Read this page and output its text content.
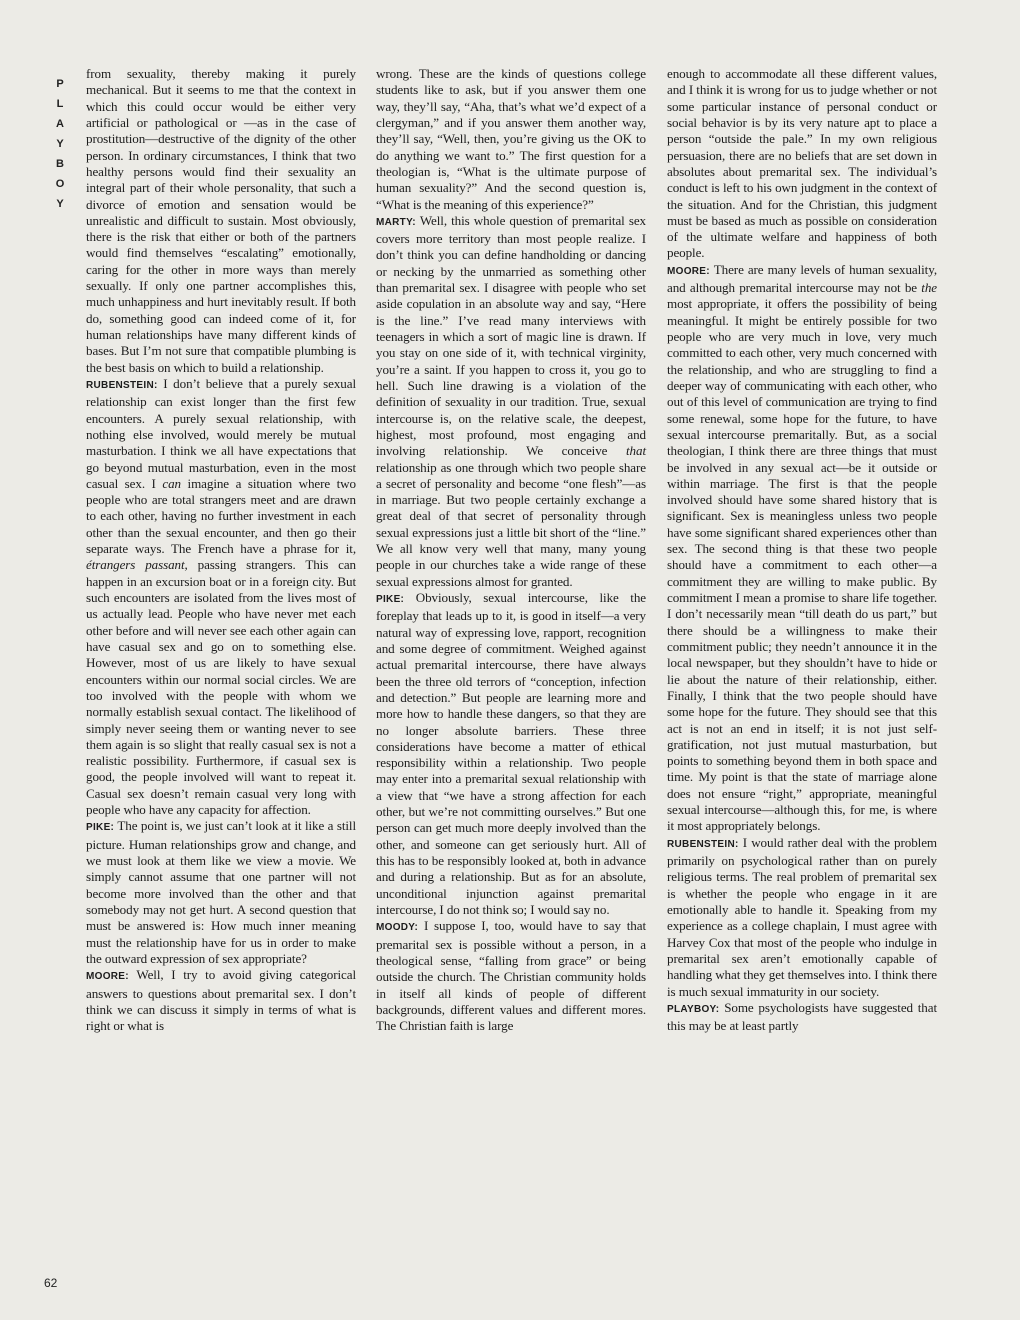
P
L
A
Y
B
O
Y
62

from sexuality, thereby making it purely mechanical. But it seems to me that the context in which this could occur would be either very artificial or pathological or —as in the case of prostitution—destructive of the dignity of the other person. In ordinary circumstances, I think that two healthy persons would find their sexuality an integral part of their whole personality, that such a divorce of emotion and sensation would be unrealistic and difficult to sustain. Most obviously, there is the risk that either or both of the partners would find themselves “escalating” emotionally, caring for the other in more ways than merely sexually. If only one partner accomplishes this, much unhappiness and hurt inevitably result. If both do, something good can indeed come of it, for human relationships have many different kinds of bases. But I’m not sure that compatible plumbing is the best basis on which to build a relationship.

RUBENSTEIN: I don’t believe that a purely sexual relationship can exist longer than the first few encounters. A purely sexual relationship, with nothing else involved, would merely be mutual masturbation. I think we all have expectations that go beyond mutual masturbation, even in the most casual sex. I can imagine a situation where two people who are total strangers meet and are drawn to each other, having no further investment in each other than the sexual encounter, and then go their separate ways. The French have a phrase for it, étrangers passant, passing strangers. This can happen in an excursion boat or in a foreign city. But such encounters are isolated from the lives most of us actually lead. People who have never met each other before and will never see each other again can have casual sex and go on to something else. However, most of us are likely to have sexual encounters within our normal social circles. We are too involved with the people with whom we normally establish sexual contact. The likelihood of simply never seeing them or wanting never to see them again is so slight that really casual sex is not a realistic possibility. Furthermore, if casual sex is good, the people involved will want to repeat it. Casual sex doesn’t remain casual very long with people who have any capacity for affection.

PIKE: The point is, we just can’t look at it like a still picture. Human relationships grow and change, and we must look at them like we view a movie. We simply cannot assume that one partner will not become more involved than the other and that somebody may not get hurt. A second question that must be answered is: How much inner meaning must the relationship have for us in order to make the outward expression of sex appropriate?

MOORE: Well, I try to avoid giving categorical answers to questions about premarital sex. I don’t think we can discuss it simply in terms of what is right or what is

wrong. These are the kinds of questions college students like to ask, but if you answer them one way, they’ll say, “Aha, that’s what we’d expect of a clergyman,” and if you answer them another way, they’ll say, “Well, then, you’re giving us the OK to do anything we want to.” The first question for a theologian is, “What is the ultimate purpose of human sexuality?” And the second question is, “What is the meaning of this experience?”

MARTY: Well, this whole question of premarital sex covers more territory than most people realize. I don’t think you can define handholding or dancing or necking by the unmarried as something other than premarital sex. I disagree with people who set aside copulation in an absolute way and say, “Here is the line.” I’ve read many interviews with teenagers in which a sort of magic line is drawn. If you stay on one side of it, with technical virginity, you’re a saint. If you happen to cross it, you go to hell. Such line drawing is a violation of the definition of sexuality in our tradition. True, sexual intercourse is, on the relative scale, the deepest, highest, most profound, most engaging and involving relationship. We conceive that relationship as one through which two people share a secret of personality and become “one flesh”—as in marriage. But two people certainly exchange a great deal of that secret of personality through sexual expressions just a little bit short of the “line.” We all know very well that many, many young people in our churches take a wide range of these sexual expressions almost for granted.

PIKE: Obviously, sexual intercourse, like the foreplay that leads up to it, is good in itself—a very natural way of expressing love, rapport, recognition and some degree of commitment. Weighed against actual premarital intercourse, there have always been the three old terrors of “conception, infection and detection.” But people are learning more and more how to handle these dangers, so that they are no longer absolute barriers. These three considerations have become a matter of ethical responsibility within a relationship. Two people may enter into a premarital sexual relationship with a view that “we have a strong affection for each other, but we’re not committing ourselves.” But one person can get much more deeply involved than the other, and someone can get seriously hurt. All of this has to be responsibly looked at, both in advance and during a relationship. But as for an absolute, unconditional injunction against premarital intercourse, I do not think so; I would say no.

MOODY: I suppose I, too, would have to say that premarital sex is possible without a person, in a theological sense, “falling from grace” or being outside the church. The Christian community holds in itself all kinds of people of different backgrounds, different values and different mores. The Christian faith is large

enough to accommodate all these different values, and I think it is wrong for us to judge whether or not some particular instance of personal conduct or social behavior is by its very nature apt to place a person “outside the pale.” In my own religious persuasion, there are no beliefs that are set down in absolutes about premarital sex. The individual’s conduct is left to his own judgment in the context of the situation. And for the Christian, this judgment must be based as much as possible on consideration of the ultimate welfare and happiness of both people.

MOORE: There are many levels of human sexuality, and although premarital intercourse may not be the most appropriate, it offers the possibility of being meaningful. It might be entirely possible for two people who are very much in love, very much committed to each other, very much concerned with the relationship, and who are struggling to find a deeper way of communicating with each other, who out of this level of communication are trying to find some renewal, some hope for the future, to have sexual intercourse premaritally. But, as a social theologian, I think there are three things that must be involved in any sexual act—be it outside or within marriage. The first is that the people involved should have some shared history that is significant. Sex is meaningless unless two people have some significant shared experiences other than sex. The second thing is that these two people should have a commitment to each other—a commitment they are willing to make public. By commitment I mean a promise to share life together. I don’t necessarily mean “till death do us part,” but there should be a willingness to make their commitment public; they needn’t announce it in the local newspaper, but they shouldn’t have to hide or lie about the nature of their relationship, either. Finally, I think that the two people should have some hope for the future. They should see that this act is not an end in itself; it is not just self-gratification, not just mutual masturbation, but points to something beyond them in both space and time. My point is that the state of marriage alone does not ensure “right,” appropriate, meaningful sexual intercourse—although this, for me, is where it most appropriately belongs.

RUBENSTEIN: I would rather deal with the problem primarily on psychological rather than on purely religious terms. The real problem of premarital sex is whether the people who engage in it are emotionally able to handle it. Speaking from my experience as a college chaplain, I must agree with Harvey Cox that most of the people who indulge in premarital sex aren’t emotionally capable of handling what they get themselves into. I think there is much sexual immaturity in our society.

PLAYBOY: Some psychologists have suggested that this may be at least partly
